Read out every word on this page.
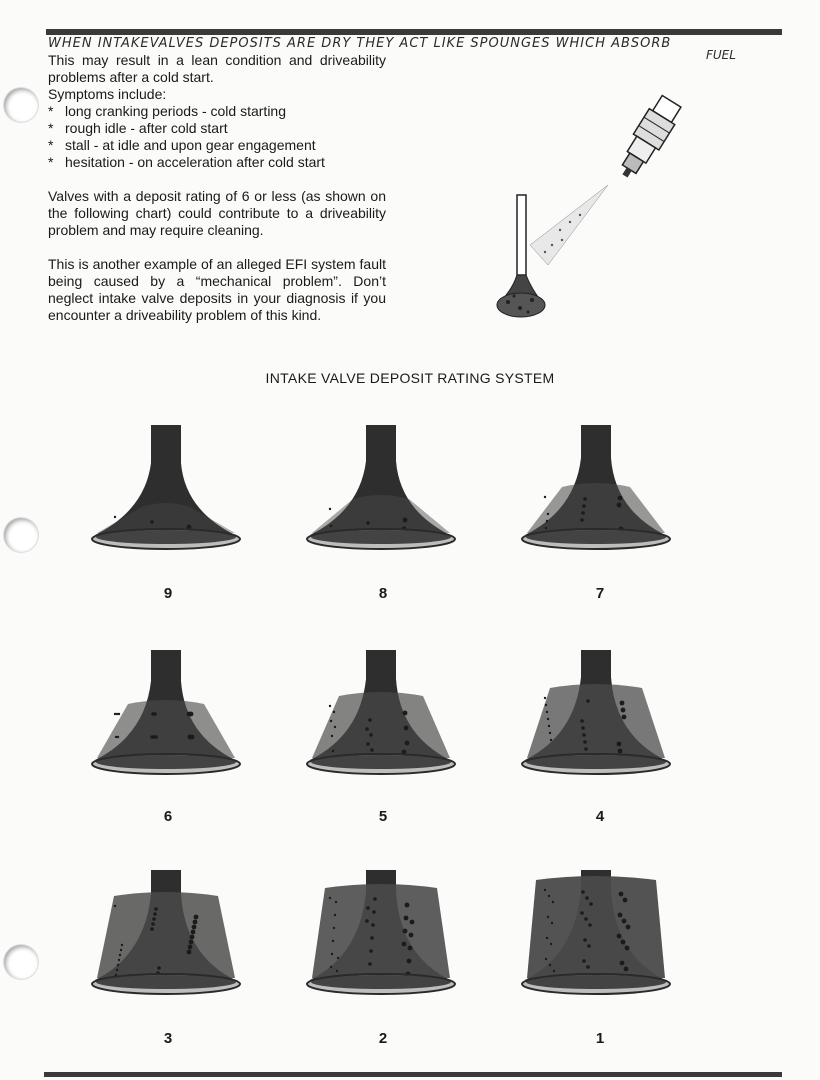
WHEN INTAKEVALVES DEPOSITS ARE DRY THEY ACT LIKE SPOUNGES WHICH ABSORB
FUEL

This may result in a lean condition and driveability problems after a cold start.

Symptoms include:

* long cranking periods - cold starting
* rough idle - after cold start
* stall - at idle and upon gear engagement
* hesitation - on acceleration after cold start

Valves with a deposit rating of 6 or less (as shown on the following chart) could contribute to a driveability problem and may require cleaning.

This is another example of an alleged EFI system fault being caused by a “mechanical problem”. Don’t neglect intake valve deposits in your diagnosis if you encounter a driveability problem of this kind.

INTAKE VALVE DEPOSIT RATING SYSTEM
9	8	7
6	5	4
3	2	1
